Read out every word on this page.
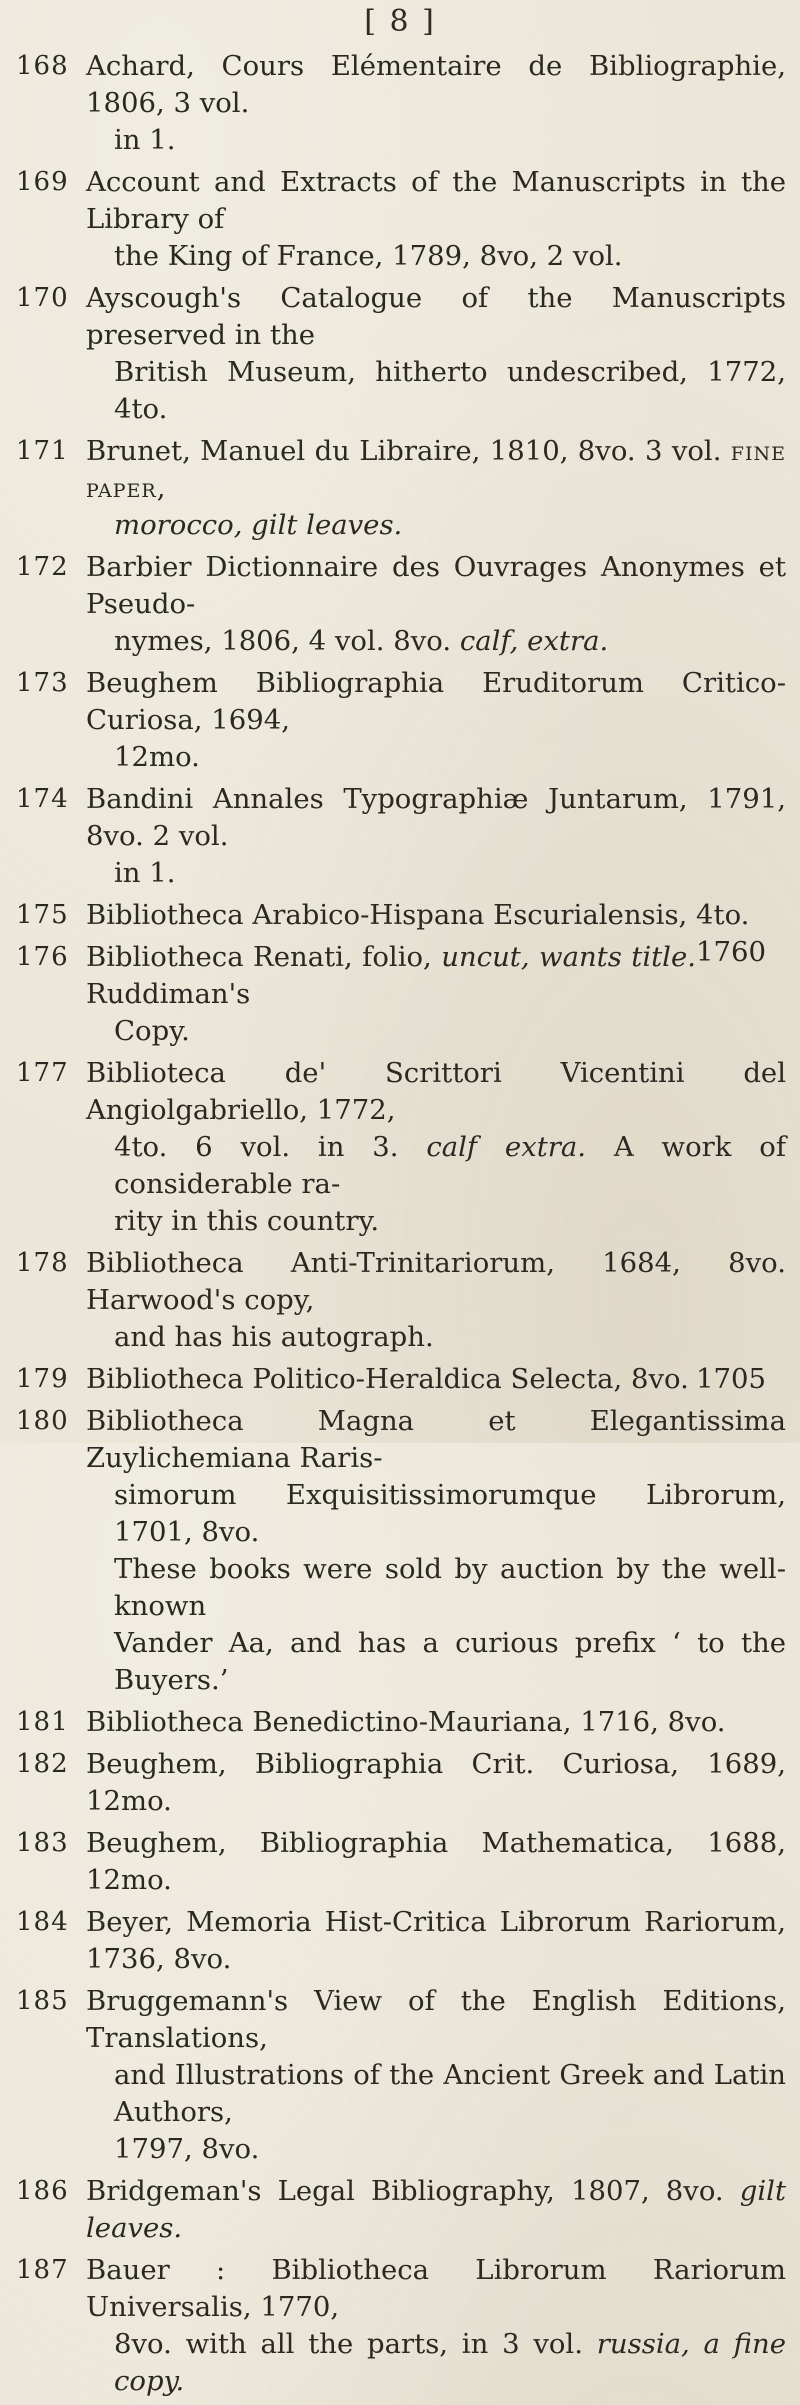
[ 8 ]
168 Achard, Cours Elémentaire de Bibliographie, 1806, 3 vol.
in 1.
169 Account and Extracts of the Manuscripts in the Library of
the King of France, 1789, 8vo, 2 vol.
170 Ayscough's Catalogue of the Manuscripts preserved in the
British Museum, hitherto undescribed, 1772, 4to.
171 Brunet, Manuel du Libraire, 1810, 8vo. 3 vol. fine paper,
morocco, gilt leaves.
172 Barbier Dictionnaire des Ouvrages Anonymes et Pseudo-
nymes, 1806, 4 vol. 8vo. calf, extra.
173 Beughem Bibliographia Eruditorum Critico-Curiosa, 1694,
12mo.
174 Bandini Annales Typographiæ Juntarum, 1791, 8vo. 2 vol.
in 1.
175 Bibliotheca Arabico-Hispana Escurialensis, 4to.
1760
176 Bibliotheca Renati, folio, uncut, wants title. Ruddiman's
Copy.
177 Biblioteca de' Scrittori Vicentini del Angiolgabriello, 1772,
4to. 6 vol. in 3. calf extra. A work of considerable ra-
rity in this country.
178 Bibliotheca Anti-Trinitariorum, 1684, 8vo. Harwood's copy,
and has his autograph.
179 Bibliotheca Politico-Heraldica Selecta, 8vo. 1705
180 Bibliotheca Magna et Elegantissima Zuylichemiana Raris-
simorum Exquisitissimorumque Librorum, 1701, 8vo.
These books were sold by auction by the well-known
Vander Aa, and has a curious prefix ‘ to the Buyers.’
181 Bibliotheca Benedictino-Mauriana, 1716, 8vo.
182 Beughem, Bibliographia Crit. Curiosa, 1689, 12mo.
183 Beughem, Bibliographia Mathematica, 1688, 12mo.
184 Beyer, Memoria Hist-Critica Librorum Rariorum, 1736, 8vo.
185 Bruggemann's View of the English Editions, Translations,
and Illustrations of the Ancient Greek and Latin Authors,
1797, 8vo.
186 Bridgeman's Legal Bibliography, 1807, 8vo. gilt leaves.
187 Bauer : Bibliotheca Librorum Rariorum Universalis, 1770,
8vo. with all the parts, in 3 vol. russia, a fine copy.
